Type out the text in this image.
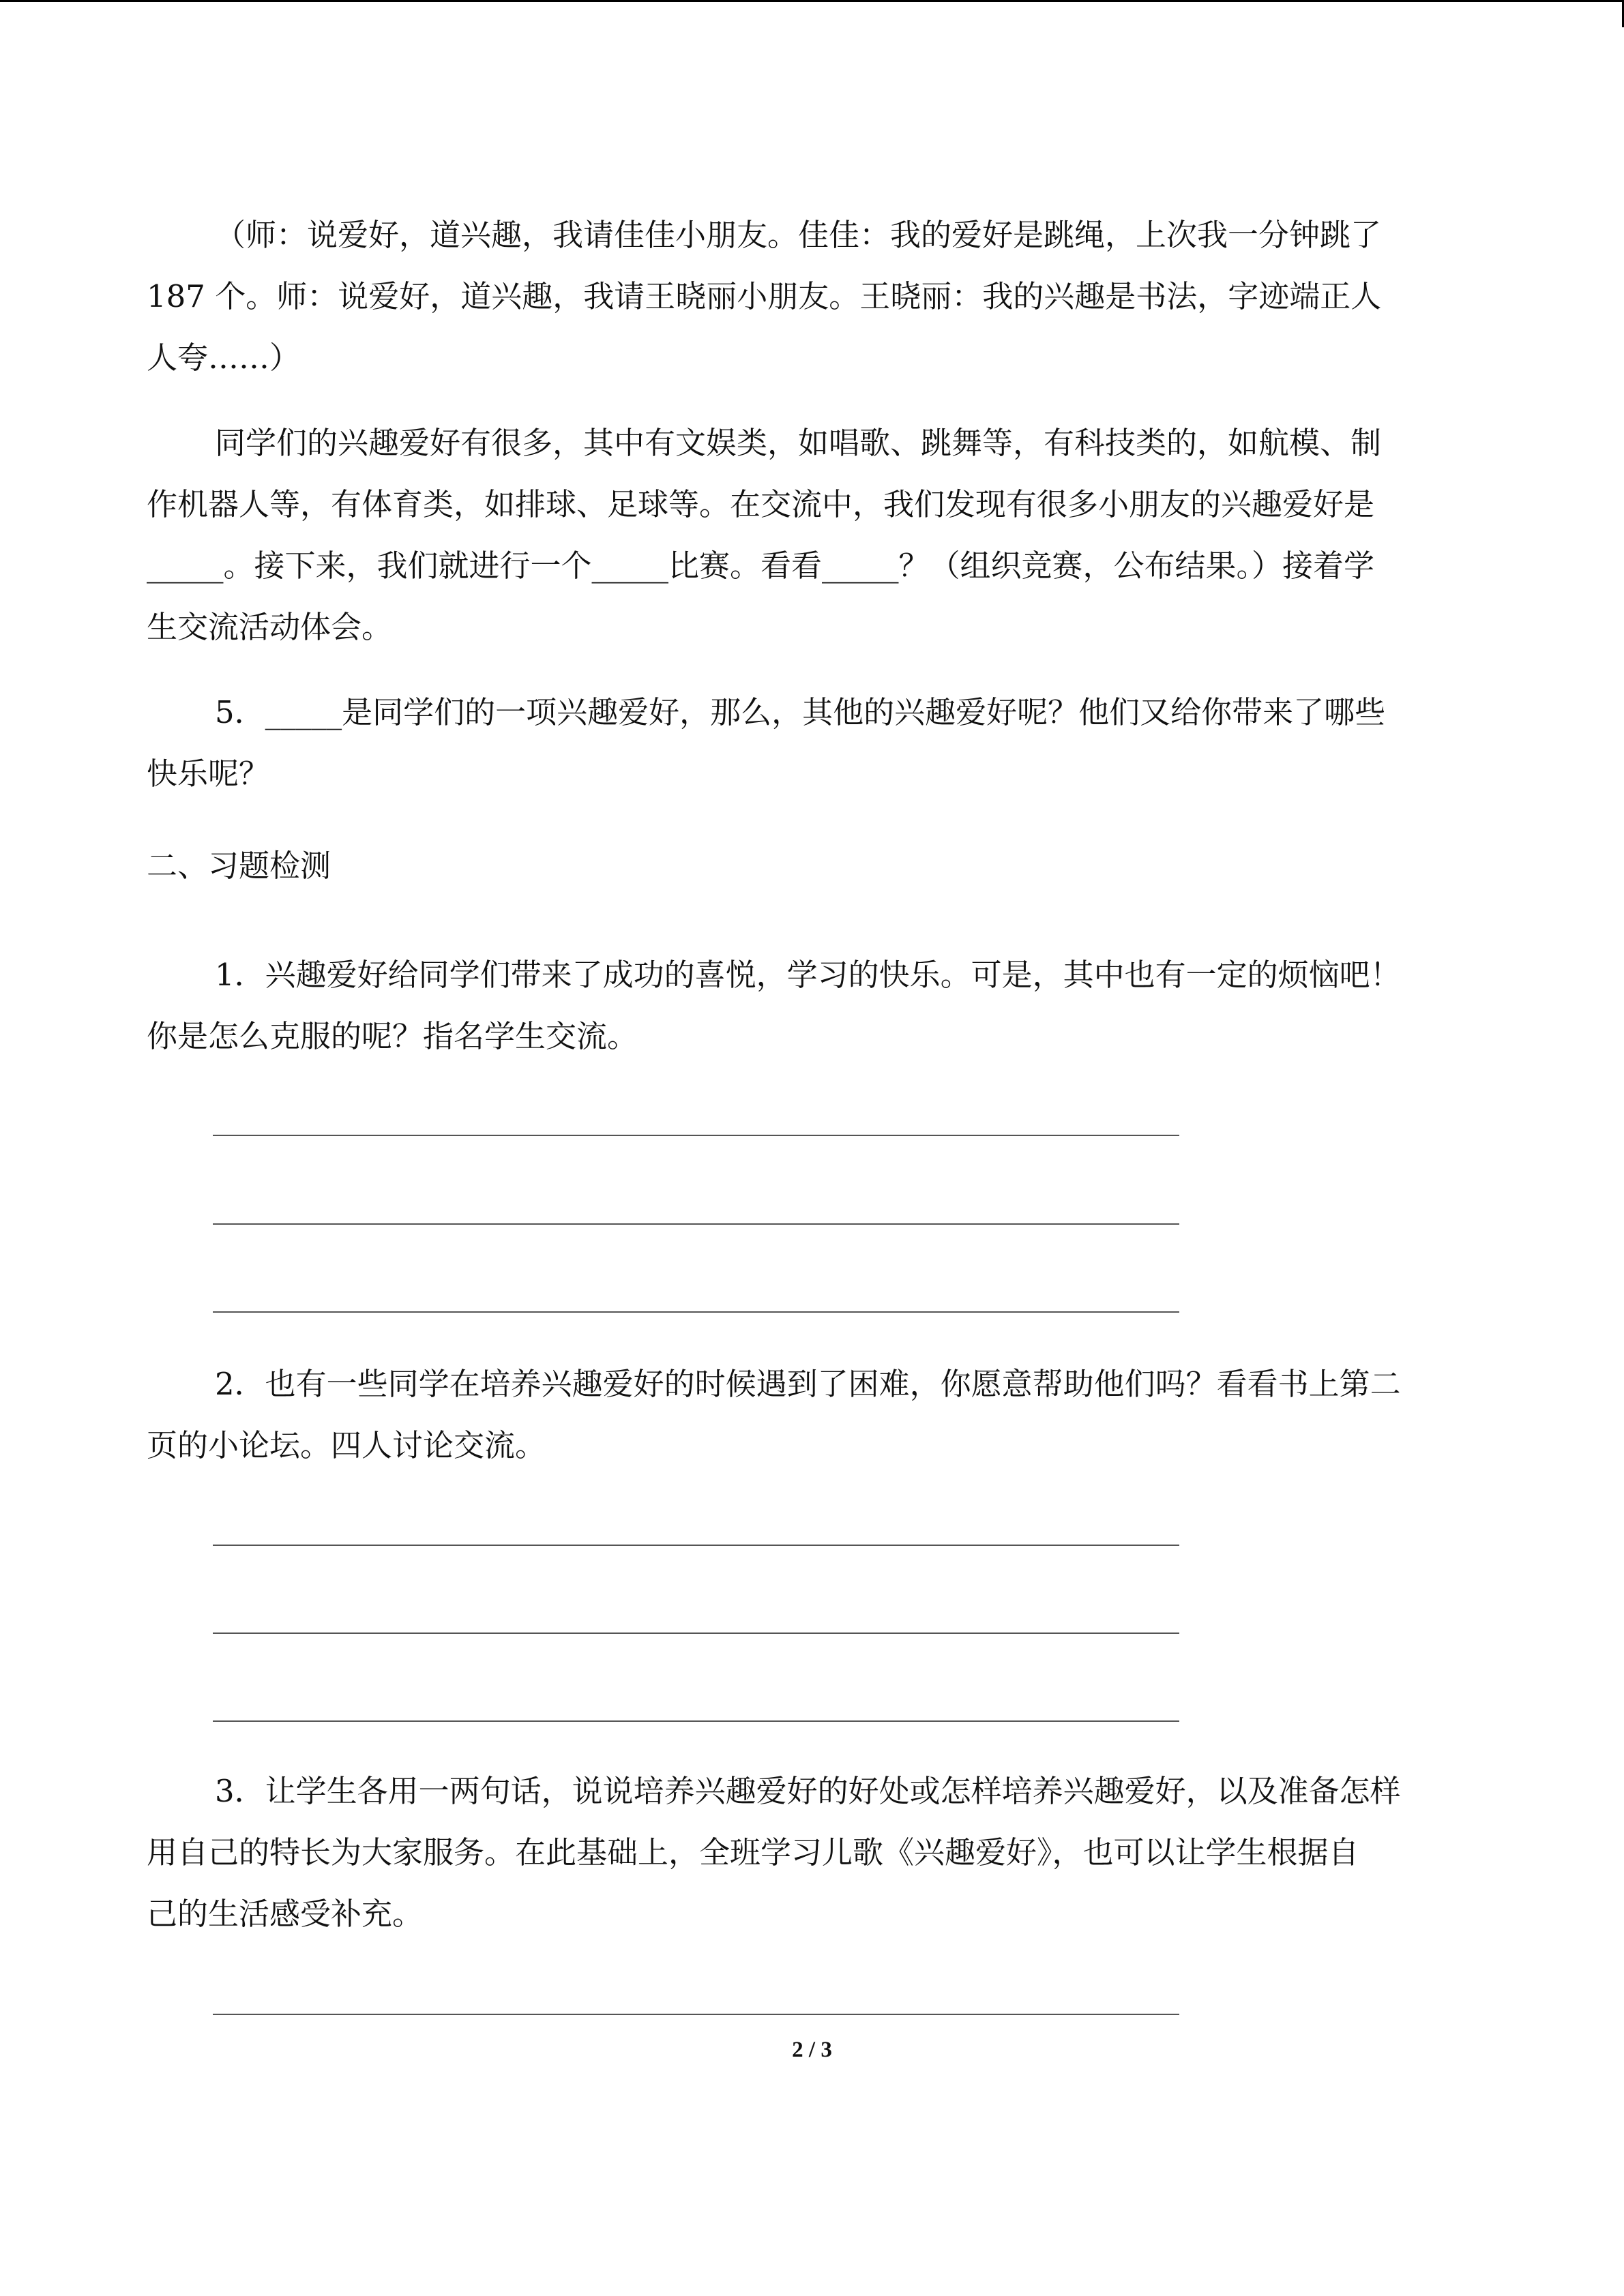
（师：说爱好，道兴趣，我请佳佳小朋友。佳佳：我的爱好是跳绳，上次我一分钟跳了
187 个。师：说爱好，道兴趣，我请王晓丽小朋友。王晓丽：我的兴趣是书法，字迹端正人
人夸……）
同学们的兴趣爱好有很多，其中有文娱类，如唱歌、跳舞等，有科技类的，如航模、制
作机器人等，有体育类，如排球、足球等。在交流中，我们发现有很多小朋友的兴趣爱好是
_____。接下来，我们就进行一个_____比赛。看看_____？（组织竞赛，公布结果。）接着学
生交流活动体会。
5．_____是同学们的一项兴趣爱好，那么，其他的兴趣爱好呢？他们又给你带来了哪些
快乐呢？
二、习题检测
1．兴趣爱好给同学们带来了成功的喜悦，学习的快乐。可是，其中也有一定的烦恼吧！
你是怎么克服的呢？指名学生交流。
2．也有一些同学在培养兴趣爱好的时候遇到了困难，你愿意帮助他们吗？看看书上第二
页的小论坛。四人讨论交流。
3．让学生各用一两句话，说说培养兴趣爱好的好处或怎样培养兴趣爱好，以及准备怎样
用自己的特长为大家服务。在此基础上，全班学习儿歌《兴趣爱好》，也可以让学生根据自
己的生活感受补充。
2 / 3
